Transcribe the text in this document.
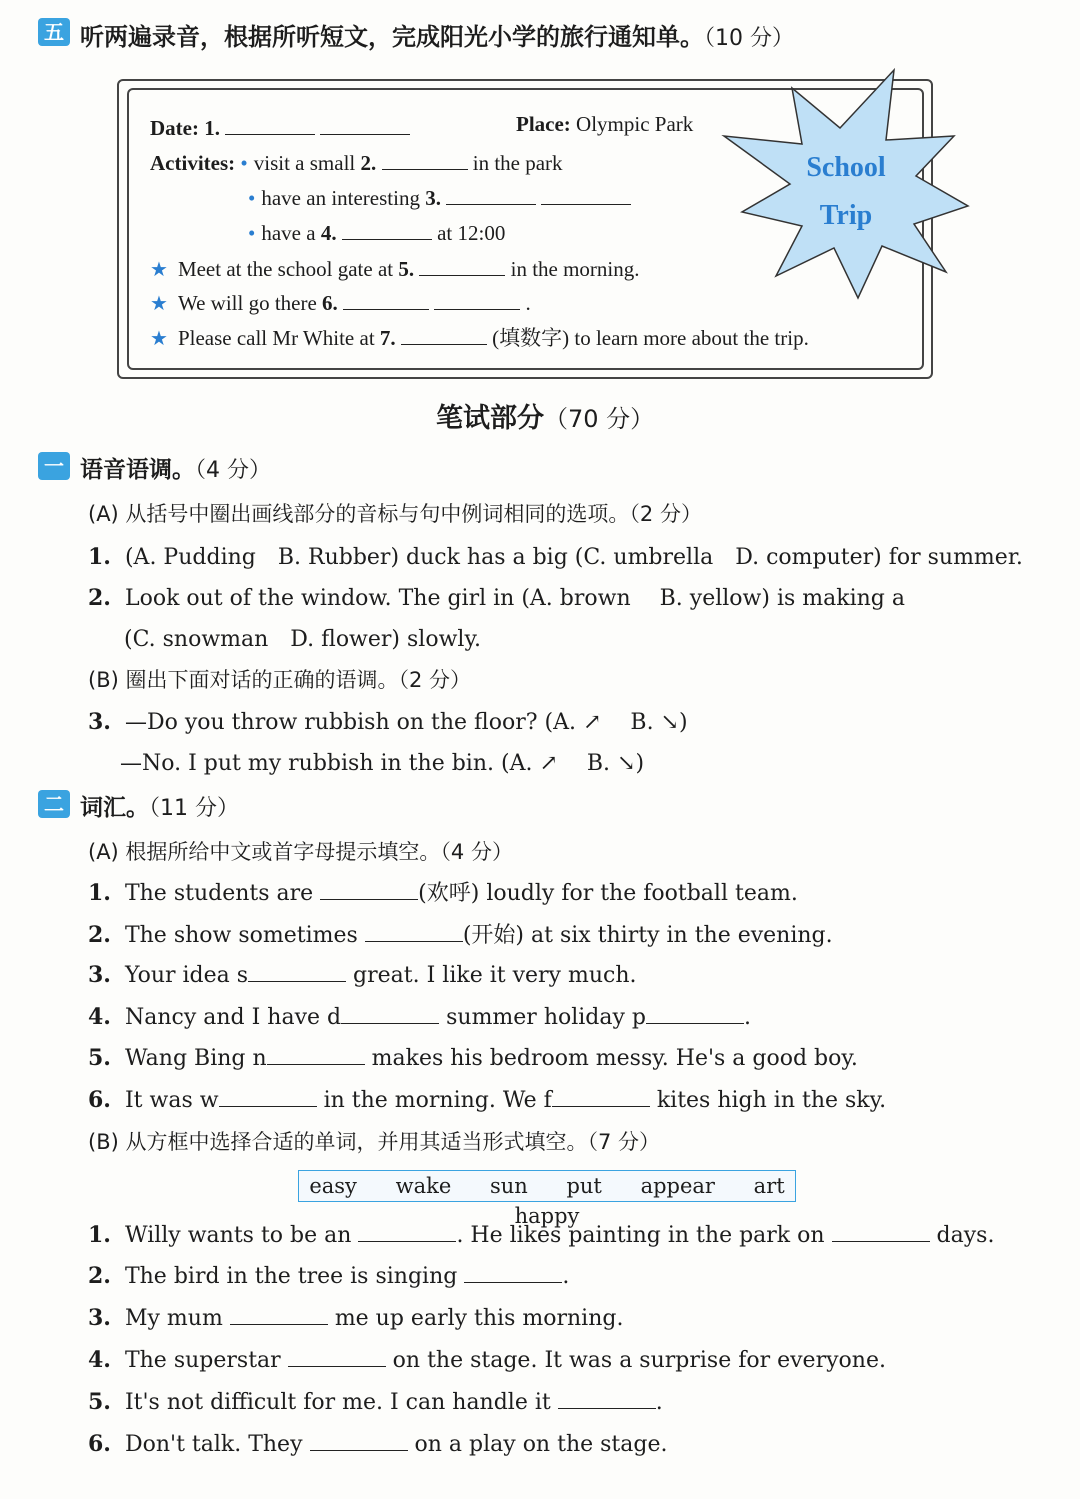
五 听两遍录音，根据所听短文，完成阳光小学的旅行通知单。（10 分）
School
Trip
Date: 1.	Place: Olympic Park
Activites: • visit a small 2.	in the park
• have an interesting 3.
• have a 4.	at 12:00
★ Meet at the school gate at 5.	in the morning.
★ We will go there 6.	.
★ Please call Mr White at 7.	(填数字) to learn more about the trip.
笔试部分（70 分）
一 语音语调。（4 分）
(A) 从括号中圈出画线部分的音标与句中例词相同的选项。（2 分）
1. (A. Pudding　B. Rubber) duck has a big (C. umbrella　D. computer) for summer.
2. Look out of the window. The girl in (A. brown　 B. yellow) is making a
(C. snowman　D. flower) slowly.
(B) 圈出下面对话的正确的语调。（2 分）
3. —Do you throw rubbish on the floor? (A. ↗　 B. ↘)
—No. I put my rubbish in the bin. (A. ↗　 B. ↘)
二 词汇。（11 分）
(A) 根据所给中文或首字母提示填空。（4 分）
1. The students are	(欢呼) loudly for the football team.
2. The show sometimes	(开始) at six thirty in the evening.
3. Your idea s	great. I like it very much.
4. Nancy and I have d	summer holiday p	.
5. Wang Bing n	makes his bedroom messy. He's a good boy.
6. It was w	in the morning. We f	kites high in the sky.
(B) 从方框中选择合适的单词，并用其适当形式填空。（7 分）
easy wake sun put appear art happy
1. Willy wants to be an	. He likes painting in the park on	days.
2. The bird in the tree is singing	.
3. My mum	me up early this morning.
4. The superstar	on the stage. It was a surprise for everyone.
5. It's not difficult for me. I can handle it	.
6. Don't talk. They	on a play on the stage.
